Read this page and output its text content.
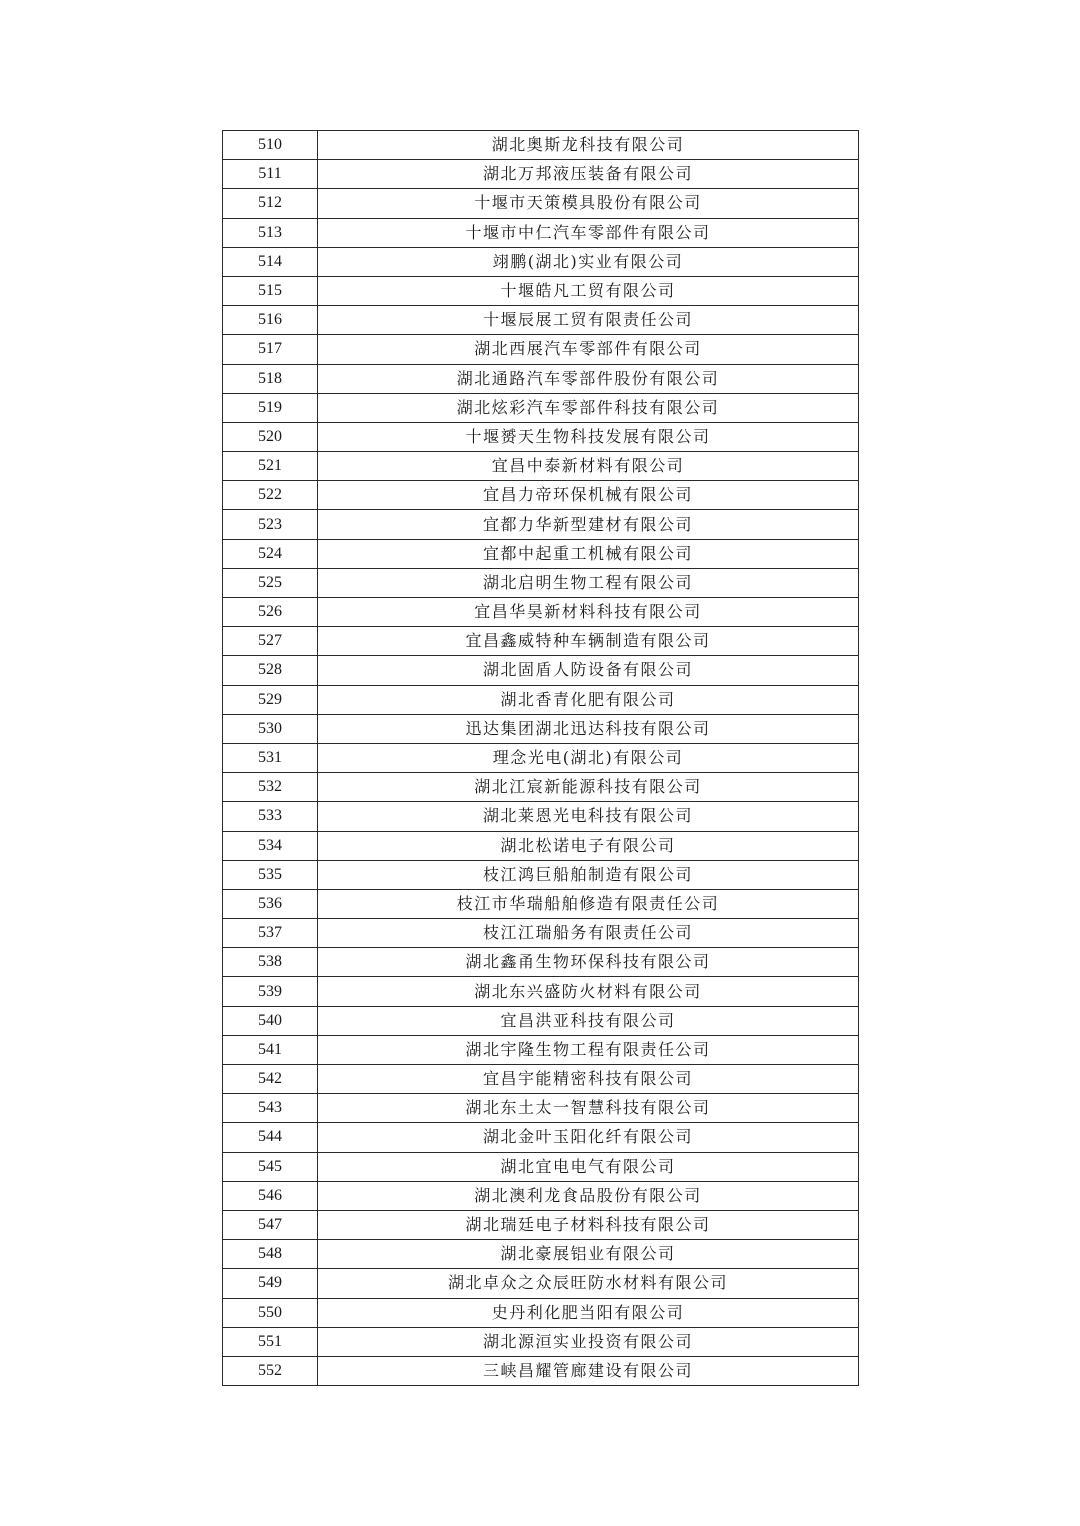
510	湖北奥斯龙科技有限公司
511	湖北万邦液压装备有限公司
512	十堰市天策模具股份有限公司
513	十堰市中仁汽车零部件有限公司
514	翊鹏(湖北)实业有限公司
515	十堰皓凡工贸有限公司
516	十堰辰展工贸有限责任公司
517	湖北西展汽车零部件有限公司
518	湖北通路汽车零部件股份有限公司
519	湖北炫彩汽车零部件科技有限公司
520	十堰赟天生物科技发展有限公司
521	宜昌中泰新材料有限公司
522	宜昌力帝环保机械有限公司
523	宜都力华新型建材有限公司
524	宜都中起重工机械有限公司
525	湖北启明生物工程有限公司
526	宜昌华昊新材料科技有限公司
527	宜昌鑫威特种车辆制造有限公司
528	湖北固盾人防设备有限公司
529	湖北香青化肥有限公司
530	迅达集团湖北迅达科技有限公司
531	理念光电(湖北)有限公司
532	湖北江宸新能源科技有限公司
533	湖北莱恩光电科技有限公司
534	湖北松诺电子有限公司
535	枝江鸿巨船舶制造有限公司
536	枝江市华瑞船舶修造有限责任公司
537	枝江江瑞船务有限责任公司
538	湖北鑫甬生物环保科技有限公司
539	湖北东兴盛防火材料有限公司
540	宜昌洪亚科技有限公司
541	湖北宇隆生物工程有限责任公司
542	宜昌宇能精密科技有限公司
543	湖北东土太一智慧科技有限公司
544	湖北金叶玉阳化纤有限公司
545	湖北宜电电气有限公司
546	湖北澳利龙食品股份有限公司
547	湖北瑞廷电子材料科技有限公司
548	湖北豪展铝业有限公司
549	湖北卓众之众辰旺防水材料有限公司
550	史丹利化肥当阳有限公司
551	湖北源洹实业投资有限公司
552	三峡昌耀管廊建设有限公司
